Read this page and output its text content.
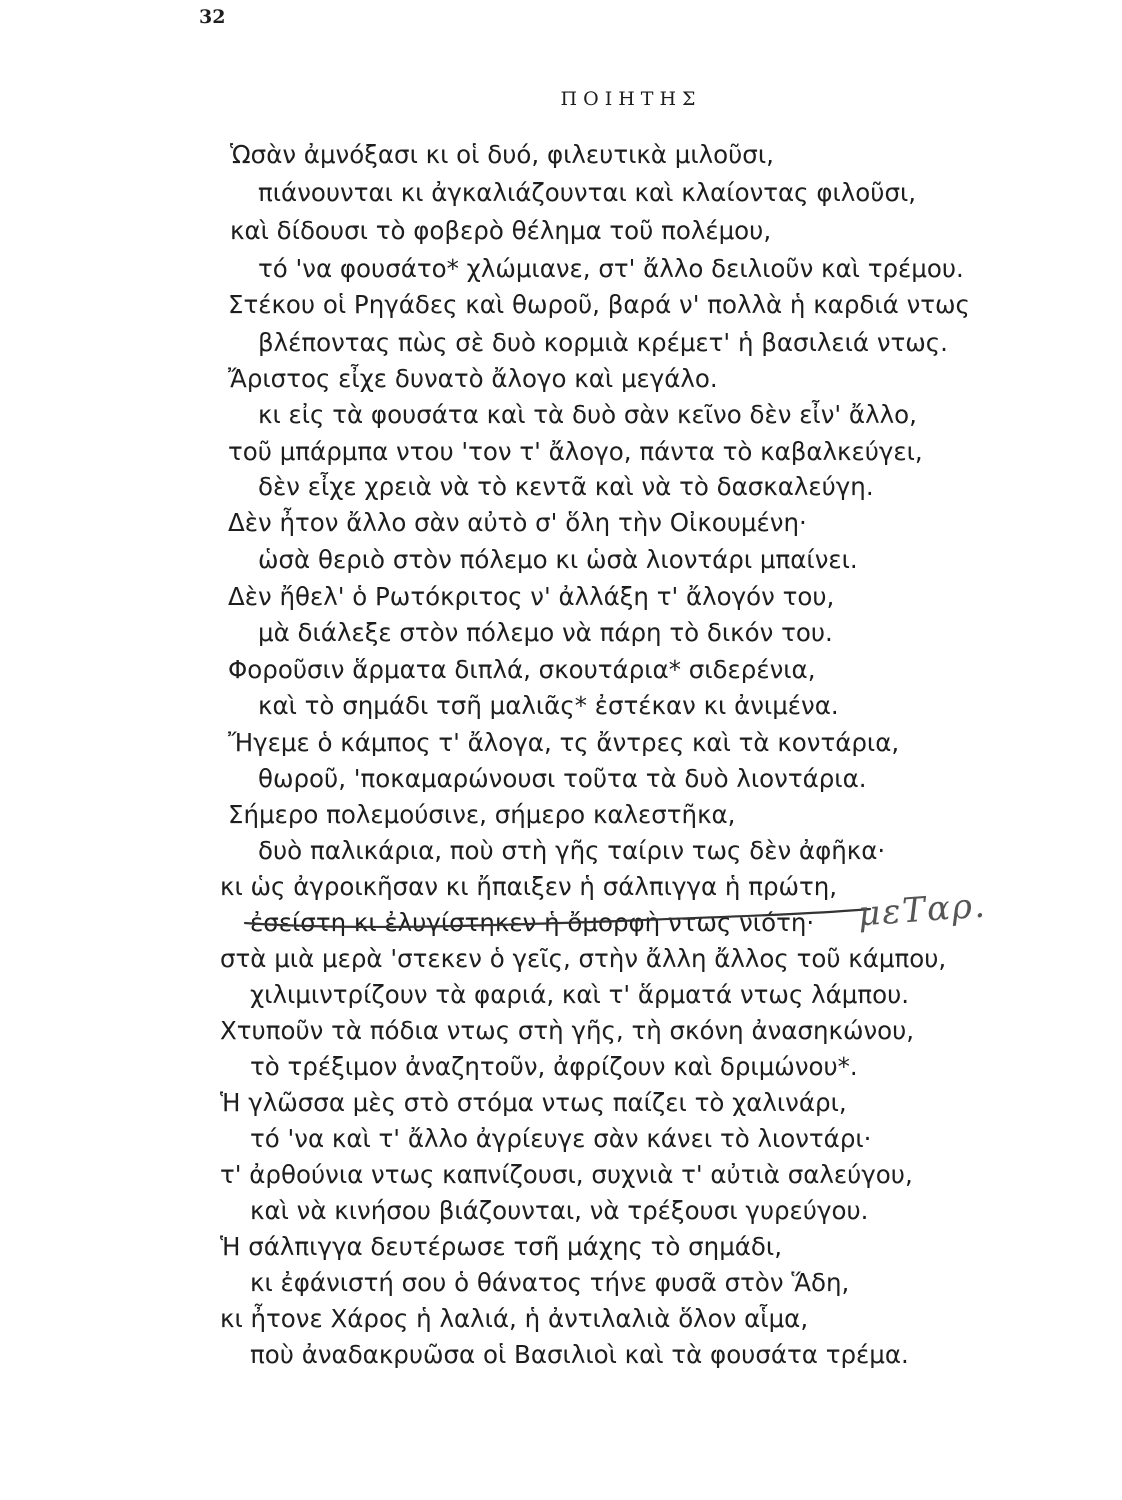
32
ΠΟΙΗΤΗΣ
Ὡσὰν ἀμνόξασι κι οἱ δυό, φιλευτικὰ μιλοῦσι,
πιάνουνται κι ἀγκαλιάζουνται καὶ κλαίοντας φιλοῦσι,
καὶ δίδουσι τὸ φοβερὸ θέλημα τοῦ πολέμου,
τό 'να φουσάτο* χλώμιανε, στ' ἄλλο δειλιοῦν καὶ τρέμου.
Στέκου οἱ Ρηγάδες καὶ θωροῦ, βαρά ν' πολλὰ ἡ καρδιά ντως
βλέποντας πὼς σὲ δυὸ κορμιὰ κρέμετ' ἡ βασιλειά ντως.
Ἄριστος εἶχε δυνατὸ ἄλογο καὶ μεγάλο.
κι εἰς τὰ φουσάτα καὶ τὰ δυὸ σὰν κεῖνο δὲν εἶν' ἄλλο,
τοῦ μπάρμπα ντου 'τον τ' ἄλογο, πάντα τὸ καβαλκεύγει,
δὲν εἶχε χρειὰ νὰ τὸ κεντᾶ καὶ νὰ τὸ δασκαλεύγη.
Δὲν ἦτον ἄλλο σὰν αὐτὸ σ' ὅλη τὴν Οἰκουμένη·
ὡσὰ θεριὸ στὸν πόλεμο κι ὡσὰ λιοντάρι μπαίνει.
Δὲν ἤθελ' ὁ Ρωτόκριτος ν' ἀλλάξη τ' ἄλογόν του,
μὰ διάλεξε στὸν πόλεμο νὰ πάρη τὸ δικόν του.
Φοροῦσιν ἅρματα διπλά, σκουτάρια* σιδερένια,
καὶ τὸ σημάδι τσῆ μαλιᾶς* ἐστέκαν κι ἀνιμένα.
Ἤγεμε ὁ κάμπος τ' ἄλογα, τς ἄντρες καὶ τὰ κοντάρια,
θωροῦ, 'ποκαμαρώνουσι τοῦτα τὰ δυὸ λιοντάρια.
Σήμερο πολεμούσινε, σήμερο καλεστῆκα,
δυὸ παλικάρια, ποὺ στὴ γῆς ταίριν τως δὲν ἀφῆκα·
κι ὡς ἀγροικῆσαν κι ἤπαιξεν ἡ σάλπιγγα ἡ πρώτη,
ἐσείστη κι ἐλυγίστηκεν ἡ ὄμορφὴ ντως νιότη·
στὰ μιὰ μερὰ 'στεκεν ὁ γεῖς, στὴν ἄλλη ἄλλος τοῦ κάμπου,
χιλιμιντρίζουν τὰ φαριά, καὶ τ' ἅρματά ντως λάμπου.
Χτυποῦν τὰ πόδια ντως στὴ γῆς, τὴ σκόνη ἀνασηκώνου,
τὸ τρέξιμον ἀναζητοῦν, ἀφρίζουν καὶ δριμώνου*.
Ἡ γλῶσσα μὲς στὸ στόμα ντως παίζει τὸ χαλινάρι,
τό 'να καὶ τ' ἄλλο ἀγρίευγε σὰν κάνει τὸ λιοντάρι·
τ' ἀρθούνια ντως καπνίζουσι, συχνιὰ τ' αὐτιὰ σαλεύγου,
καὶ νὰ κινήσου βιάζουνται, νὰ τρέξουσι γυρεύγου.
Ἡ σάλπιγγα δευτέρωσε τσῆ μάχης τὸ σημάδι,
κι ἐφάνιστή σου ὁ θάνατος τήνε φυσᾶ στὸν Ἅδη,
κι ἦτονε Χάρος ἡ λαλιά, ἡ ἀντιλαλιὰ ὅλον αἷμα,
ποὺ ἀναδακρυῶσα οἱ Βασιλιοὶ καὶ τὰ φουσάτα τρέμα.
μεΤαρ.
